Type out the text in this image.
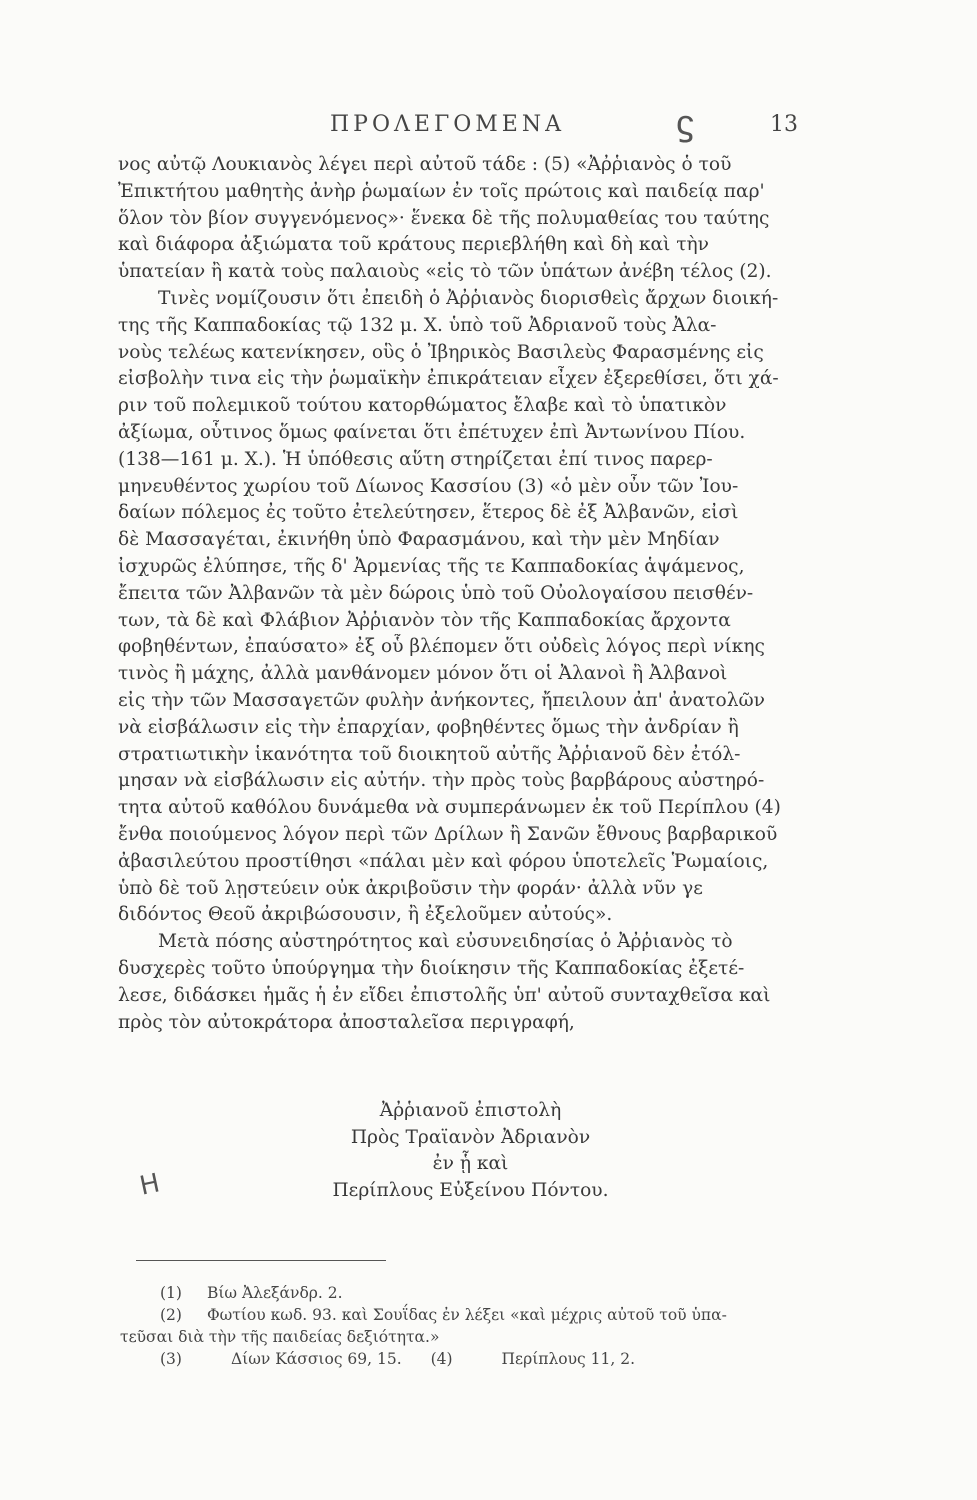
ΠΡΟΛΕΓΟΜΕΝΑ	ϛ	13
νος αὐτῷ Λουκιανὸς λέγει περὶ αὐτοῦ τάδε : (5) «Ἀῤῥιανὸς ὁ τοῦ
Ἐπικτήτου μαθητὴς ἀνὴρ ῥωμαίων ἐν τοῖς πρώτοις καὶ παιδείᾳ παρ'
ὅλον τὸν βίον συγγενόμενος»· ἕνεκα δὲ τῆς πολυμαθείας του ταύτης
καὶ διάφορα ἀξιώματα τοῦ κράτους περιεβλήθη καὶ δὴ καὶ τὴν
ὑπατείαν ἢ κατὰ τοὺς παλαιοὺς «εἰς τὸ τῶν ὑπάτων ἀνέβη τέλος (2).
Τινὲς νομίζουσιν ὅτι ἐπειδὴ ὁ Ἀῤῥιανὸς διορισθεὶς ἄρχων διοική-
της τῆς Καππαδοκίας τῷ 132 μ. Χ. ὑπὸ τοῦ Ἀδριανοῦ τοὺς Ἀλα-
νοὺς τελέως κατενίκησεν, οὓς ὁ Ἰβηρικὸς Βασιλεὺς Φαρασμένης εἰς
εἰσβολὴν τινα εἰς τὴν ῥωμαϊκὴν ἐπικράτειαν εἶχεν ἐξερεθίσει, ὅτι χά-
ριν τοῦ πολεμικοῦ τούτου κατορθώματος ἔλαβε καὶ τὸ ὑπατικὸν
ἀξίωμα, οὗτινος ὅμως φαίνεται ὅτι ἐπέτυχεν ἐπὶ Ἀντωνίνου Πίου.
(138—161 μ. Χ.). Ἡ ὑπόθεσις αὕτη στηρίζεται ἐπί τινος παρερ-
μηνευθέντος χωρίου τοῦ Δίωνος Κασσίου (3) «ὁ μὲν οὖν τῶν Ἰου-
δαίων πόλεμος ἐς τοῦτο ἐτελεύτησεν, ἕτερος δὲ ἐξ Ἀλβανῶν, εἰσὶ
δὲ Μασσαγέται, ἐκινήθη ὑπὸ Φαρασμάνου, καὶ τὴν μὲν Μηδίαν
ἰσχυρῶς ἐλύπησε, τῆς δ' Ἀρμενίας τῆς τε Καππαδοκίας ἁψάμενος,
ἔπειτα τῶν Ἀλβανῶν τὰ μὲν δώροις ὑπὸ τοῦ Οὐολογαίσου πεισθέν-
των, τὰ δὲ καὶ Φλάβιον Ἀῤῥιανὸν τὸν τῆς Καππαδοκίας ἄρχοντα
φοβηθέντων, ἐπαύσατο» ἐξ οὗ βλέπομεν ὅτι οὐδεὶς λόγος περὶ νίκης
τινὸς ἢ μάχης, ἀλλὰ μανθάνομεν μόνον ὅτι οἱ Ἀλανοὶ ἢ Ἀλβανοὶ
εἰς τὴν τῶν Μασσαγετῶν φυλὴν ἀνήκοντες, ἤπειλουν ἀπ' ἀνατολῶν
νὰ εἰσβάλωσιν εἰς τὴν ἐπαρχίαν, φοβηθέντες ὅμως τὴν ἀνδρίαν ἢ
στρατιωτικὴν ἱκανότητα τοῦ διοικητοῦ αὐτῆς Ἀῤῥιανοῦ δὲν ἐτόλ-
μησαν νὰ εἰσβάλωσιν εἰς αὐτήν. τὴν πρὸς τοὺς βαρβάρους αὐστηρό-
τητα αὐτοῦ καθόλου δυνάμεθα νὰ συμπεράνωμεν ἐκ τοῦ Περίπλου (4)
ἔνθα ποιούμενος λόγον περὶ τῶν Δρίλων ἢ Σανῶν ἔθνους βαρβαρικοῦ
ἀβασιλεύτου προστίθησι «πάλαι μὲν καὶ φόρου ὑποτελεῖς Ῥωμαίοις,
ὑπὸ δὲ τοῦ λῃστεύειν οὐκ ἀκριβοῦσιν τὴν φοράν· ἀλλὰ νῦν γε
διδόντος Θεοῦ ἀκριβώσουσιν, ἢ ἐξελοῦμεν αὐτούς».
Μετὰ πόσης αὐστηρότητος καὶ εὐσυνειδησίας ὁ Ἀῤῥιανὸς τὸ
δυσχερὲς τοῦτο ὑπούργημα τὴν διοίκησιν τῆς Καππαδοκίας ἐξετέ-
λεσε, διδάσκει ἡμᾶς ἡ ἐν εἴδει ἐπιστολῆς ὑπ' αὐτοῦ συνταχθεῖσα καὶ
πρὸς τὸν αὐτοκράτορα ἀποσταλεῖσα περιγραφή,
Ἀῤῥιανοῦ ἐπιστολὴ
Πρὸς Τραϊανὸν Ἀδριανὸν
ἐν ᾗ καὶ
Περίπλους Εὐξείνου Πόντου.
Η
(1) Βίω Ἀλεξάνδρ. 2.
(2) Φωτίου κωδ. 93. καὶ Σουΐδας ἐν λέξει «καὶ μέχρις αὐτοῦ τοῦ ὑπα-
τεῦσαι διὰ τὴν τῆς παιδείας δεξιότητα.»
(3)	Δίων Κάσσιος 69, 15. (4)	Περίπλους 11, 2.
